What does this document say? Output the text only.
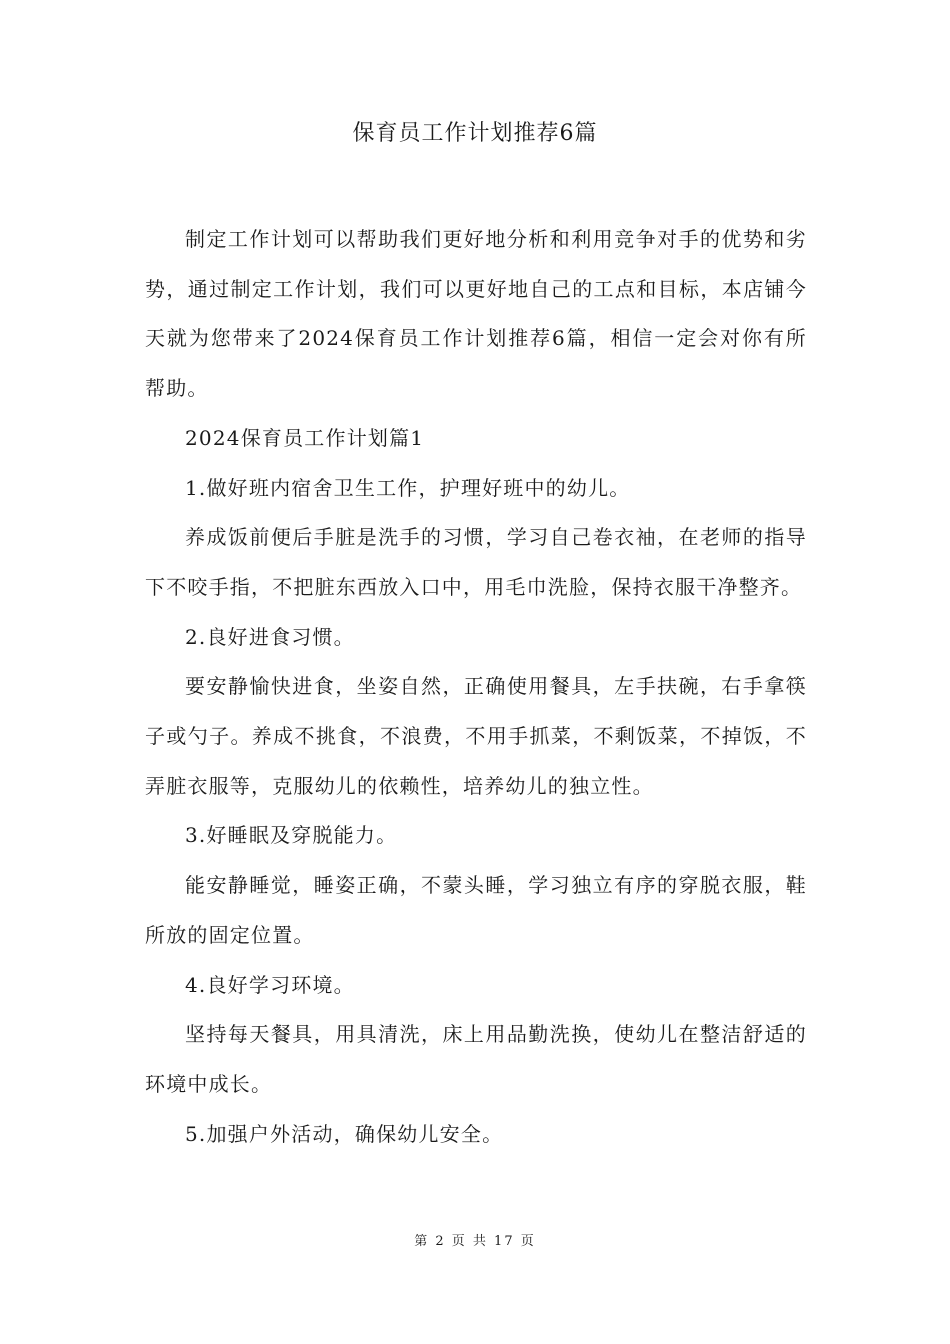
保育员工作计划推荐6篇

制定工作计划可以帮助我们更好地分析和利用竞争对手的优势和劣势，通过制定工作计划，我们可以更好地自己的工点和目标，本店铺今天就为您带来了2024保育员工作计划推荐6篇，相信一定会对你有所帮助。

2024保育员工作计划篇1

1.做好班内宿舍卫生工作，护理好班中的幼儿。

养成饭前便后手脏是洗手的习惯，学习自己卷衣袖，在老师的指导下不咬手指，不把脏东西放入口中，用毛巾洗脸，保持衣服干净整齐。

2.良好进食习惯。

要安静愉快进食，坐姿自然，正确使用餐具，左手扶碗，右手拿筷子或勺子。养成不挑食，不浪费，不用手抓菜，不剩饭菜，不掉饭，不弄脏衣服等，克服幼儿的依赖性，培养幼儿的独立性。

3.好睡眠及穿脱能力。

能安静睡觉，睡姿正确，不蒙头睡，学习独立有序的穿脱衣服，鞋所放的固定位置。

4.良好学习环境。

坚持每天餐具，用具清洗，床上用品勤洗换，使幼儿在整洁舒适的环境中成长。

5.加强户外活动，确保幼儿安全。

第 2 页 共 17 页
